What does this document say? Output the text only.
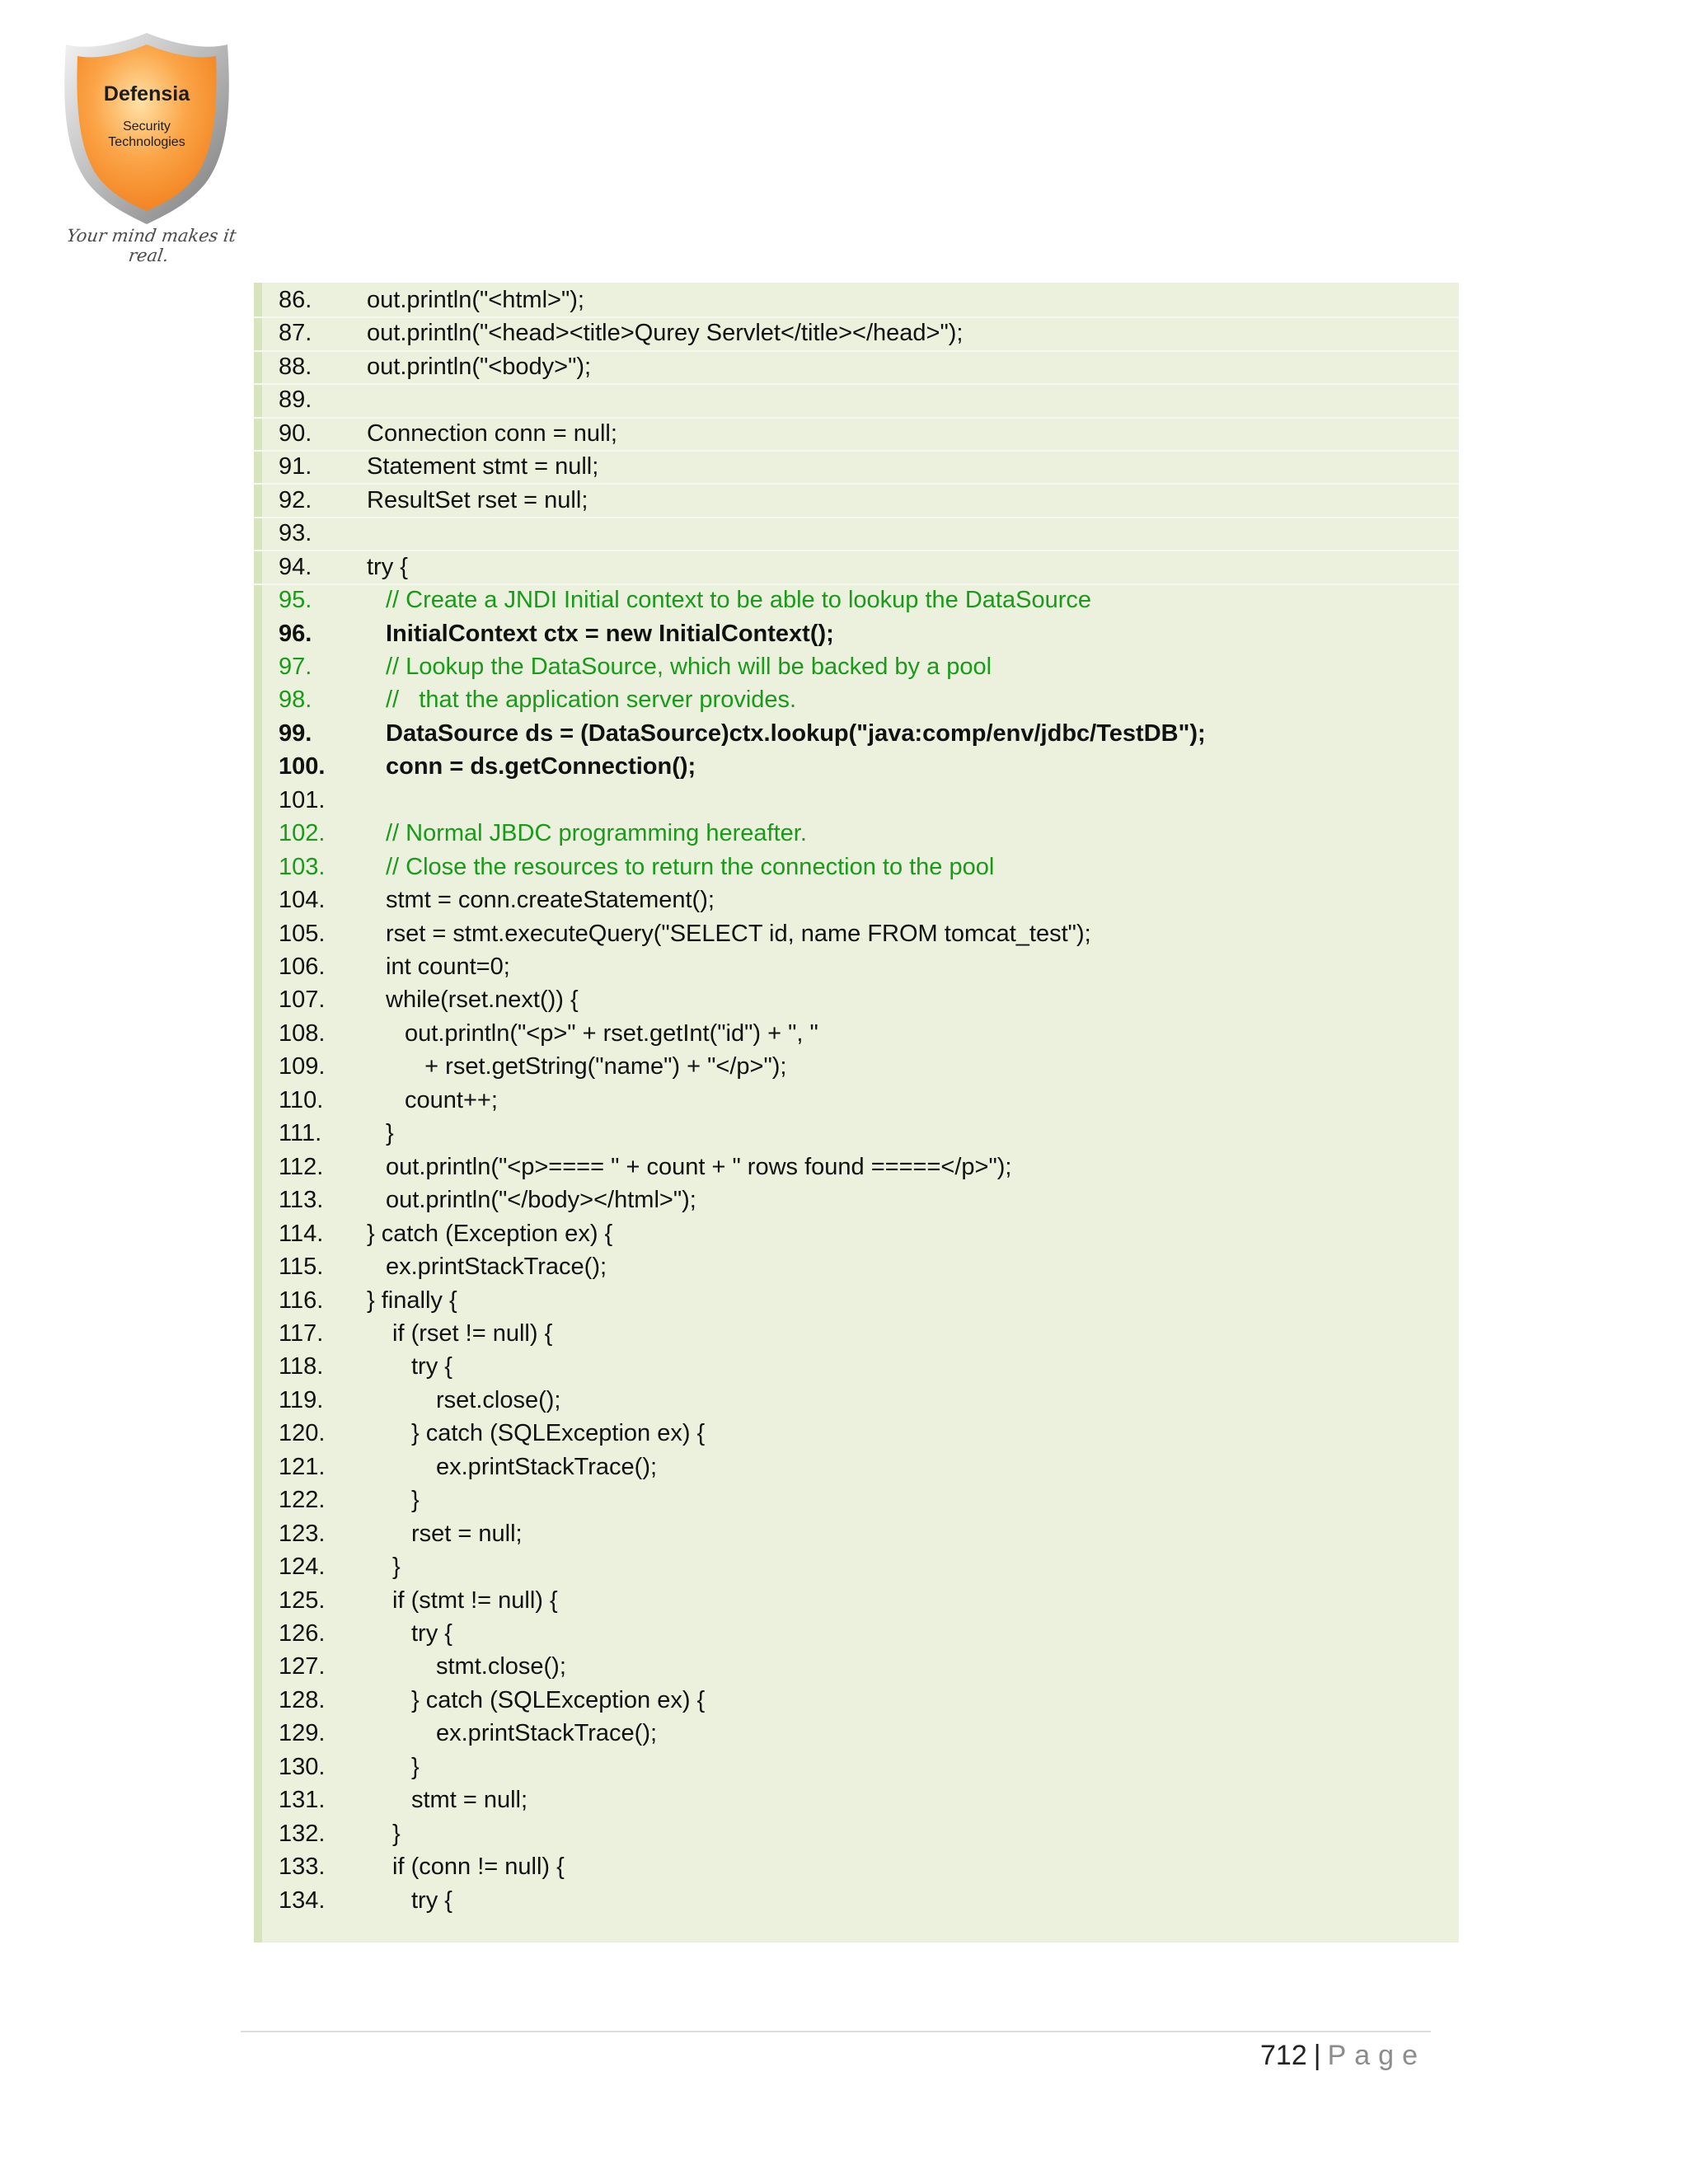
Defensia
Security
Technologies
Your mind makes it real.
86. out.println("<html>");
87. out.println("<head><title>Qurey Servlet</title></head>");
88. out.println("<body>");
89.
90. Connection conn = null;
91. Statement stmt = null;
92. ResultSet rset = null;
93.
94. try {
95.	// Create a JNDI Initial context to be able to lookup the DataSource
96.	InitialContext ctx = new InitialContext();
97.	// Lookup the DataSource, which will be backed by a pool
98.	//   that the application server provides.
99.	DataSource ds = (DataSource)ctx.lookup("java:comp/env/jdbc/TestDB");
100.	conn = ds.getConnection();
101.
102.	// Normal JBDC programming hereafter.
103.	// Close the resources to return the connection to the pool
104.	stmt = conn.createStatement();
105.	rset = stmt.executeQuery("SELECT id, name FROM tomcat_test");
106.	int count=0;
107.	while(rset.next()) {
108.	out.println("<p>" + rset.getInt("id") + ", "
109.	+ rset.getString("name") + "</p>");
110.	count++;
111.	}
112.	out.println("<p>==== " + count + " rows found =====</p>");
113.	out.println("</body></html>");
114. } catch (Exception ex) {
115.	ex.printStackTrace();
116. } finally {
117.	if (rset != null) {
118.	try {
119.	rset.close();
120.	} catch (SQLException ex) {
121.	ex.printStackTrace();
122.	}
123.	rset = null;
124.	}
125.	if (stmt != null) {
126.	try {
127.	stmt.close();
128.	} catch (SQLException ex) {
129.	ex.printStackTrace();
130.	}
131.	stmt = null;
132.	}
133.	if (conn != null) {
134.	try {
712 | Page
